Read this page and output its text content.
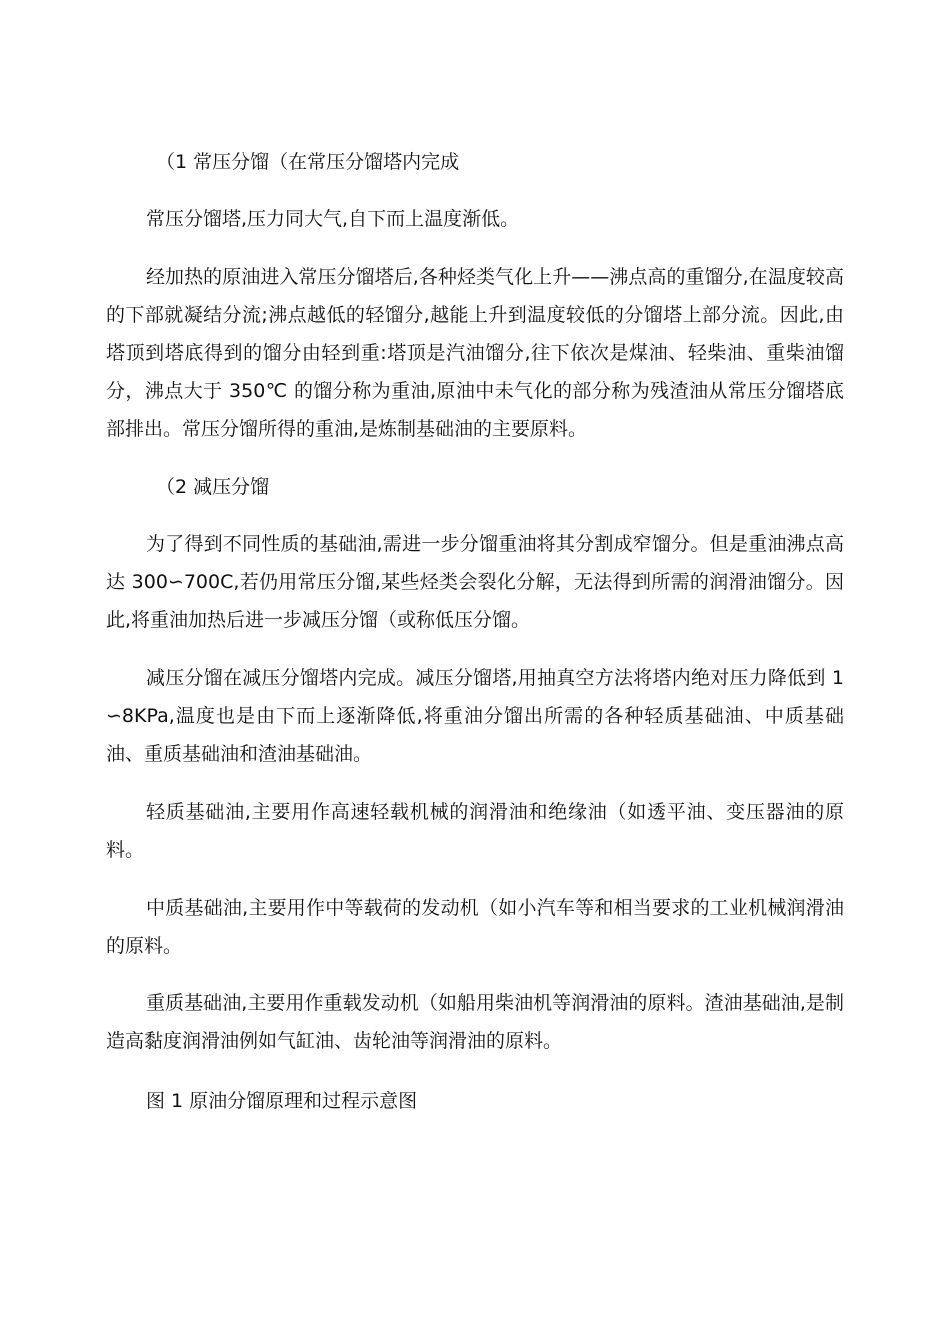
（1 常压分馏（在常压分馏塔内完成

常压分馏塔,压力同大气,自下而上温度渐低。

经加热的原油进入常压分馏塔后,各种烃类气化上升——沸点高的重馏分,在温度较高的下部就凝结分流;沸点越低的轻馏分,越能上升到温度较低的分馏塔上部分流。因此,由塔顶到塔底得到的馏分由轻到重:塔顶是汽油馏分,往下依次是煤油、轻柴油、重柴油馏分，沸点大于 350℃ 的馏分称为重油,原油中未气化的部分称为残渣油从常压分馏塔底部排出。常压分馏所得的重油,是炼制基础油的主要原料。

（2 减压分馏

为了得到不同性质的基础油,需进一步分馏重油将其分割成窄馏分。但是重油沸点高达 300∽700C,若仍用常压分馏,某些烃类会裂化分解，无法得到所需的润滑油馏分。因此,将重油加热后进一步减压分馏（或称低压分馏。

减压分馏在减压分馏塔内完成。减压分馏塔,用抽真空方法将塔内绝对压力降低到 1∽8KPa,温度也是由下而上逐渐降低,将重油分馏出所需的各种轻质基础油、中质基础油、重质基础油和渣油基础油。

轻质基础油,主要用作高速轻载机械的润滑油和绝缘油（如透平油、变压器油的原料。

中质基础油,主要用作中等载荷的发动机（如小汽车等和相当要求的工业机械润滑油的原料。

重质基础油,主要用作重载发动机（如船用柴油机等润滑油的原料。渣油基础油,是制造高黏度润滑油例如气缸油、齿轮油等润滑油的原料。

图 1 原油分馏原理和过程示意图
